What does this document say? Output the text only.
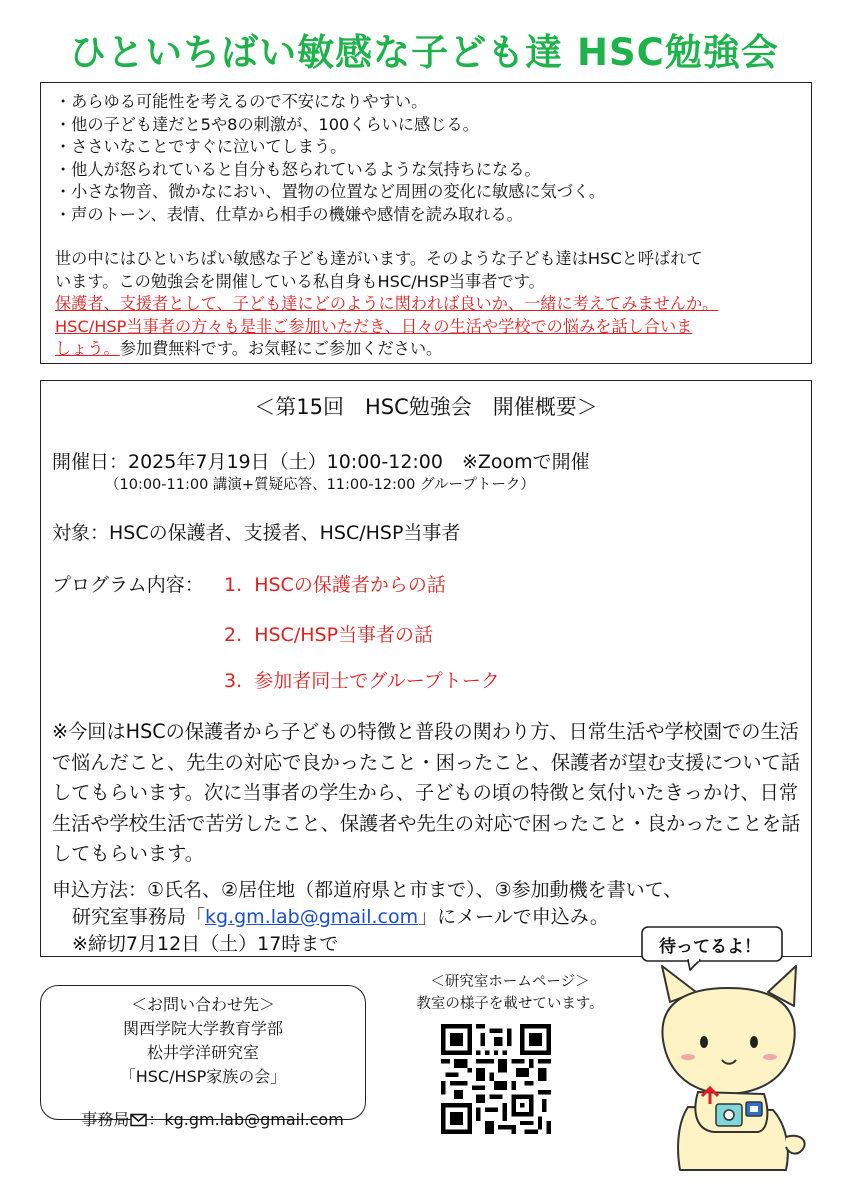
ひといちばい敏感な子ども達 HSC勉強会
・あらゆる可能性を考えるので不安になりやすい。
・他の子ども達だと5や8の刺激が、100くらいに感じる。
・ささいなことですぐに泣いてしまう。
・他人が怒られていると自分も怒られているような気持ちになる。
・小さな物音、微かなにおい、置物の位置など周囲の変化に敏感に気づく。
・声のトーン、表情、仕草から相手の機嫌や感情を読み取れる。
世の中にはひといちばい敏感な子ども達がいます。そのような子ども達はHSCと呼ばれて
います。この勉強会を開催している私自身もHSC/HSP当事者です。
保護者、支援者として、子ども達にどのように関われば良いか、一緒に考えてみませんか。
HSC/HSP当事者の方々も是非ご参加いただき、日々の生活や学校での悩みを話し合いま
しょう。参加費無料です。お気軽にご参加ください。
＜第15回　HSC勉強会　開催概要＞
開催日：2025年7月19日（土）10:00-12:00　※Zoomで開催
（10:00-11:00 講演+質疑応答、11:00-12:00 グループトーク）
対象：HSCの保護者、支援者、HSC/HSP当事者
プログラム内容： 1.  HSCの保護者からの話
2.  HSC/HSP当事者の話
3.  参加者同士でグループトーク
※今回はHSCの保護者から子どもの特徴と普段の関わり方、日常生活や学校園での生活で悩んだこと、先生の対応で良かったこと・困ったこと、保護者が望む支援について話してもらいます。次に当事者の学生から、子どもの頃の特徴と気付いたきっかけ、日常生活や学校生活で苦労したこと、保護者や先生の対応で困ったこと・良かったことを話してもらいます。
申込方法：①氏名、②居住地（都道府県と市まで）、③参加動機を書いて、
研究室事務局「kg.gm.lab@gmail.com」にメールで申込み。
※締切7月12日（土）17時まで
＜お問い合わせ先＞
関西学院大学教育学部
松井学洋研究室
「HSC/HSP家族の会」

事務局 ：kg.gm.lab@gmail.com

＜研究室ホームページ＞
教室の様子を載せています。
待ってるよ！
